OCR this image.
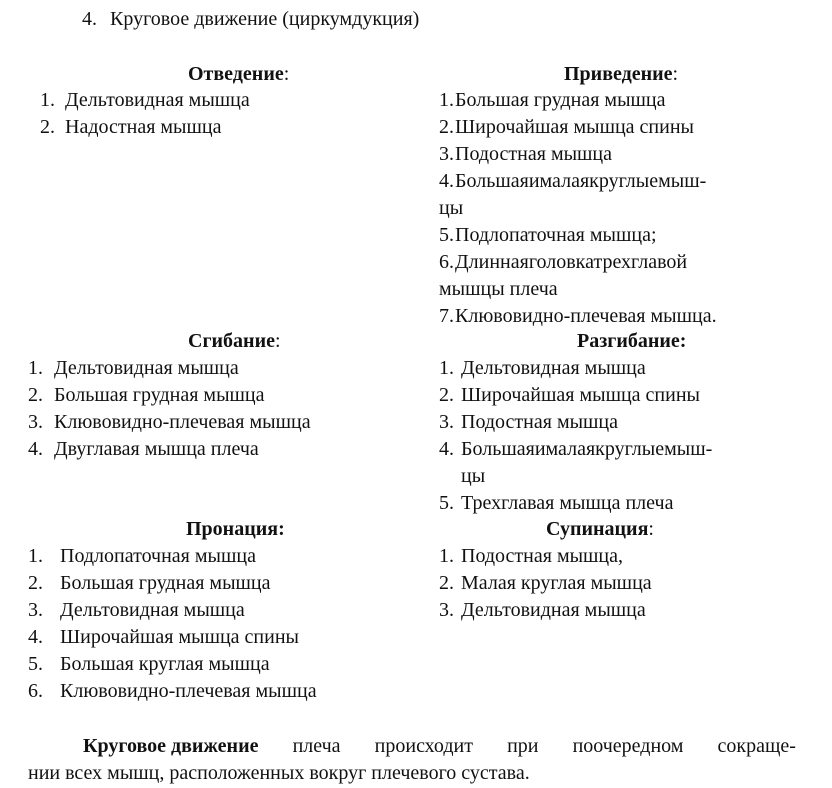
4. Круговое движение (циркумдукция)
Отведение:
1. Дельтовидная мышца
2. Надостная мышца
Приведение:
1. Большая грудная мышца
2. Широчайшая мышца спины
3. Подостная мышца
4. Большаяималаякруглыемыш-
цы
5. Подлопаточная мышца;
6. Длиннаяголовкатрехглавой
мышцы плеча
7. Клювовидно-плечевая мышца.
Сгибание:
1. Дельтовидная мышца
2. Большая грудная мышца
3. Клювовидно-плечевая мышца
4. Двуглавая мышца плеча
Разгибание:
1. Дельтовидная мышца
2. Широчайшая мышца спины
3. Подостная мышца
4. Большаяималаякруглыемыш-
цы
5. Трехглавая мышца плеча
Пронация:
1. Подлопаточная мышца
2. Большая грудная мышца
3. Дельтовидная мышца
4. Широчайшая мышца спины
5. Большая круглая мышца
6. Клювовидно-плечевая мышца
Супинация:
1. Подостная мышца,
2. Малая круглая мышца
3. Дельтовидная мышца
Круговое движение плеча происходит при поочередном сокраще-
нии всех мышц, расположенных вокруг плечевого сустава.
